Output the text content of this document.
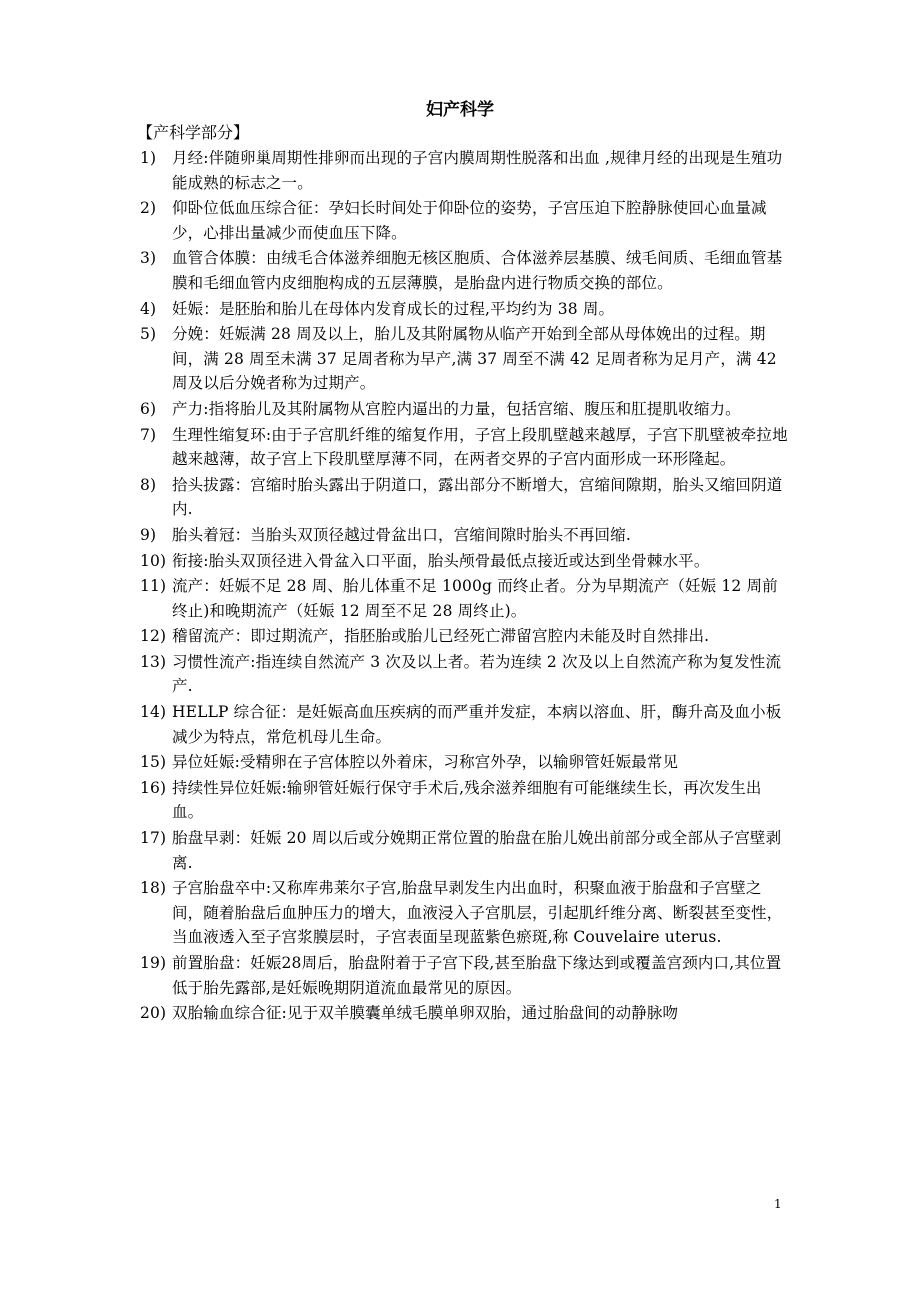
妇产科学
【产科学部分】
1)	月经:伴随卵巢周期性排卵而出现的子宫内膜周期性脱落和出血 ,规律月经的出现是生殖功能成熟的标志之一。
2)	仰卧位低血压综合征：孕妇长时间处于仰卧位的姿势，子宫压迫下腔静脉使回心血量减少，心排出量减少而使血压下降。
3)	血管合体膜：由绒毛合体滋养细胞无核区胞质、合体滋养层基膜、绒毛间质、毛细血管基膜和毛细血管内皮细胞构成的五层薄膜，是胎盘内进行物质交换的部位。
4)	妊娠：是胚胎和胎儿在母体内发育成长的过程,平均约为 38 周。
5)	分娩：妊娠满 28 周及以上，胎儿及其附属物从临产开始到全部从母体娩出的过程。期间，满 28 周至未满 37 足周者称为早产,满 37 周至不满 42 足周者称为足月产，满 42 周及以后分娩者称为过期产。
6)	产力:指将胎儿及其附属物从宫腔内逼出的力量，包括宫缩、腹压和肛提肌收缩力。
7)	生理性缩复环:由于子宫肌纤维的缩复作用，子宫上段肌壁越来越厚，子宫下肌壁被牵拉地越来越薄，故子宫上下段肌壁厚薄不同，在两者交界的子宫内面形成一环形隆起。
8)	拾头拔露：宫缩时胎头露出于阴道口，露出部分不断增大，宫缩间隙期，胎头又缩回阴道内.
9)	胎头着冠：当胎头双顶径越过骨盆出口，宫缩间隙时胎头不再回缩.
10) 衔接:胎头双顶径进入骨盆入口平面，胎头颅骨最低点接近或达到坐骨棘水平。
11) 流产：妊娠不足 28 周、胎儿体重不足 1000g 而终止者。分为早期流产（妊娠 12 周前终止)和晚期流产（妊娠 12 周至不足 28 周终止)。
12) 稽留流产：即过期流产，指胚胎或胎儿已经死亡滞留宫腔内未能及时自然排出.
13) 习惯性流产:指连续自然流产 3 次及以上者。若为连续 2 次及以上自然流产称为复发性流产.
14) HELLP 综合征：是妊娠高血压疾病的而严重并发症，本病以溶血、肝，酶升高及血小板减少为特点，常危机母儿生命。
15) 异位妊娠:受精卵在子宫体腔以外着床，习称宫外孕，以输卵管妊娠最常见
16) 持续性异位妊娠:输卵管妊娠行保守手术后,残余滋养细胞有可能继续生长，再次发生出血。
17) 胎盘早剥：妊娠 20 周以后或分娩期正常位置的胎盘在胎儿娩出前部分或全部从子宫壁剥离.
18) 子宫胎盘卒中:又称库弗莱尔子宫,胎盘早剥发生内出血时，积聚血液于胎盘和子宫壁之间，随着胎盘后血肿压力的增大，血液浸入子宫肌层，引起肌纤维分离、断裂甚至变性，当血液透入至子宫浆膜层时，子宫表面呈现蓝紫色瘀斑,称 Couvelaire uterus.
19) 前置胎盘：妊娠28周后，胎盘附着于子宫下段,甚至胎盘下缘达到或覆盖宫颈内口,其位置低于胎先露部,是妊娠晚期阴道流血最常见的原因。
20) 双胎输血综合征:见于双羊膜囊单绒毛膜单卵双胎，通过胎盘间的动静脉吻
1
